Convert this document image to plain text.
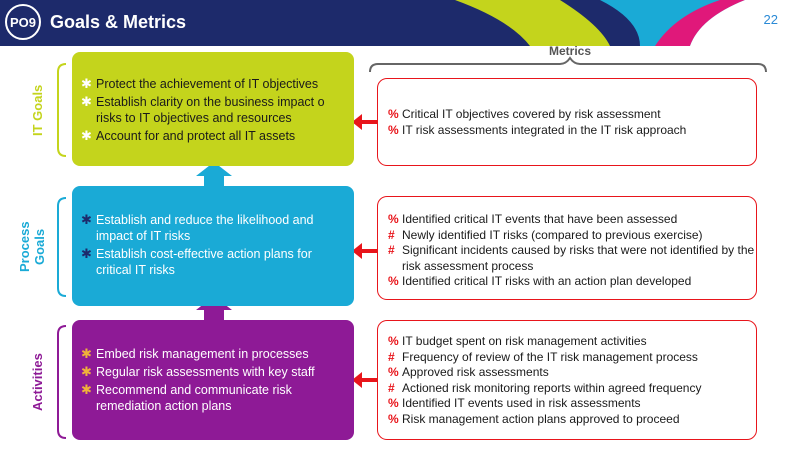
PO9 Goals & Metrics	22
Metrics
IT Goals
✱ Protect the achievement of IT objectives
✱ Establish clarity on the business impact o risks to IT objectives and resources
✱ Account for and protect all IT assets
% Critical IT objectives covered by risk assessment
% IT risk assessments integrated in the IT risk approach
Process
Goals
✱ Establish and reduce the likelihood and impact of IT risks
✱ Establish cost-effective action plans for critical IT risks
% Identified critical IT events that have been assessed
# Newly identified IT risks (compared to previous exercise)
# Significant incidents caused by risks that were not identified by the risk assessment process
% Identified critical IT risks with an action plan developed
Activities	✱ Embed risk management in processes
✱ Regular risk assessments with key staff
✱ Recommend and communicate risk remediation action plans
% IT budget spent on risk management activities
# Frequency of review of the IT risk management process
% Approved risk assessments
# Actioned risk monitoring reports within agreed frequency
% Identified IT events used in risk assessments
% Risk management action plans approved to proceed
